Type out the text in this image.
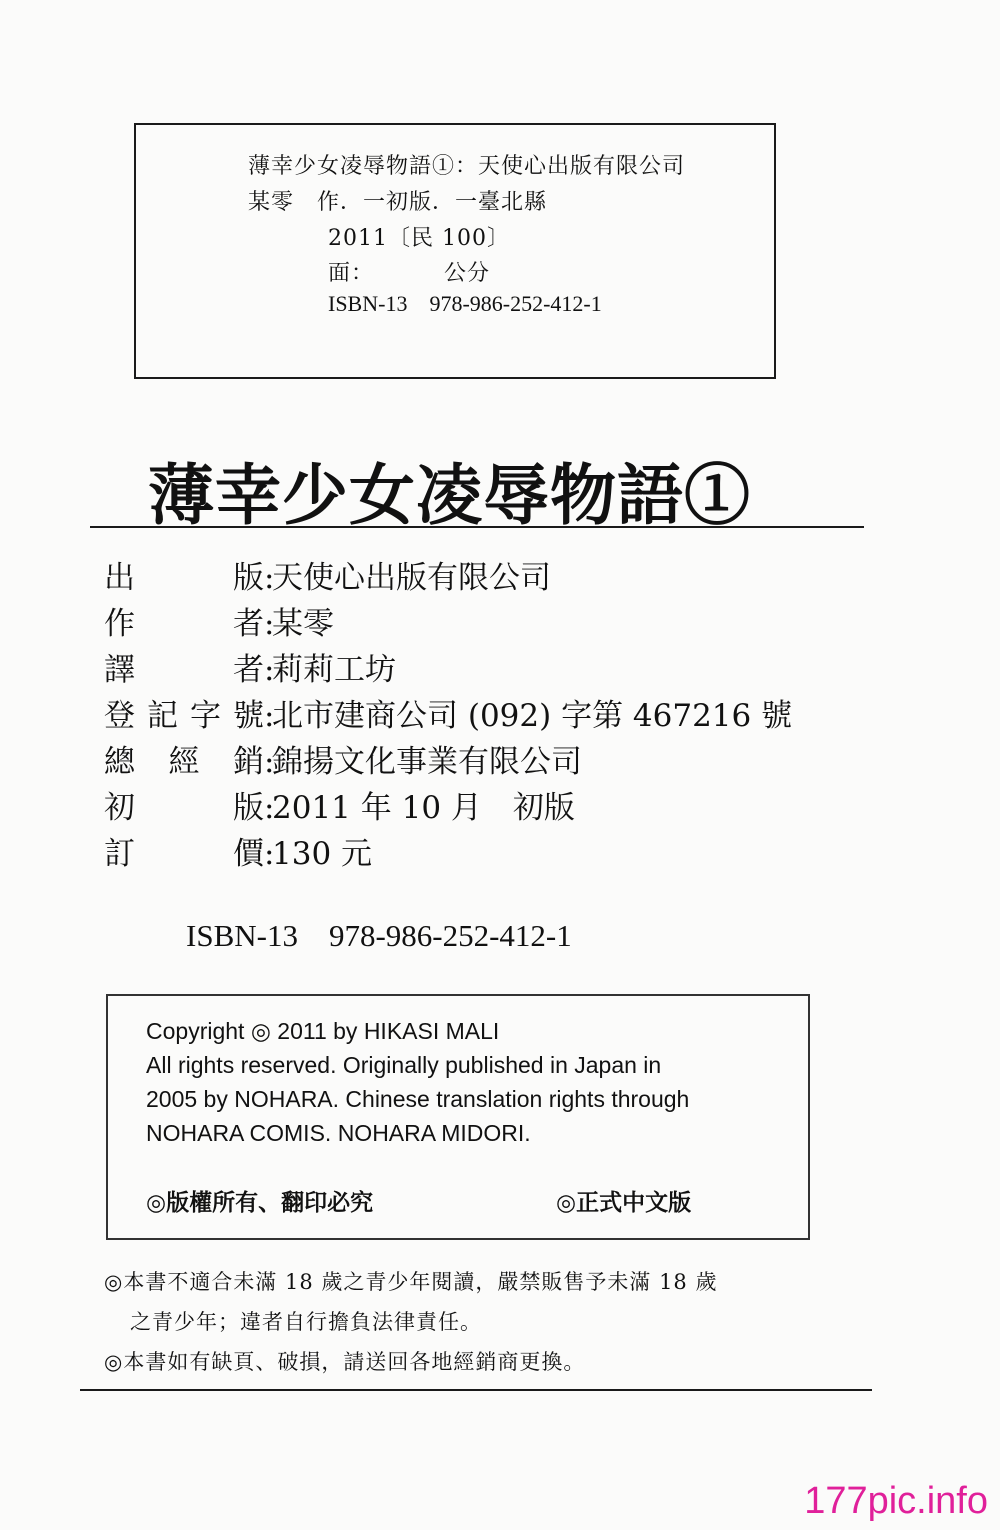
薄幸少女凌辱物語①：天使心出版有限公司
某零　作．一初版．一臺北縣
2011〔民 100〕
面：	公分
ISBN-13    978-986-252-412-1
薄幸少女凌辱物語①
出　版:天使心出版有限公司
作　者:某零
譯　者:莉莉工坊
登記字號:北市建商公司 (092) 字第 467216 號
總 經 銷:錦揚文化事業有限公司
初　版:2011 年 10 月　初版
訂　價:130 元
ISBN-13    978-986-252-412-1
Copyright ◎ 2011 by HIKASI MALI
All rights reserved. Originally published in Japan in
2005 by NOHARA. Chinese translation rights through
NOHARA COMIS. NOHARA MIDORI.
◎版權所有、翻印必究	◎正式中文版
◎本書不適合未滿 18 歲之青少年閱讀，嚴禁販售予未滿 18 歲
之青少年；違者自行擔負法律責任。
◎本書如有缺頁、破損，請送回各地經銷商更換。
177pic.info
